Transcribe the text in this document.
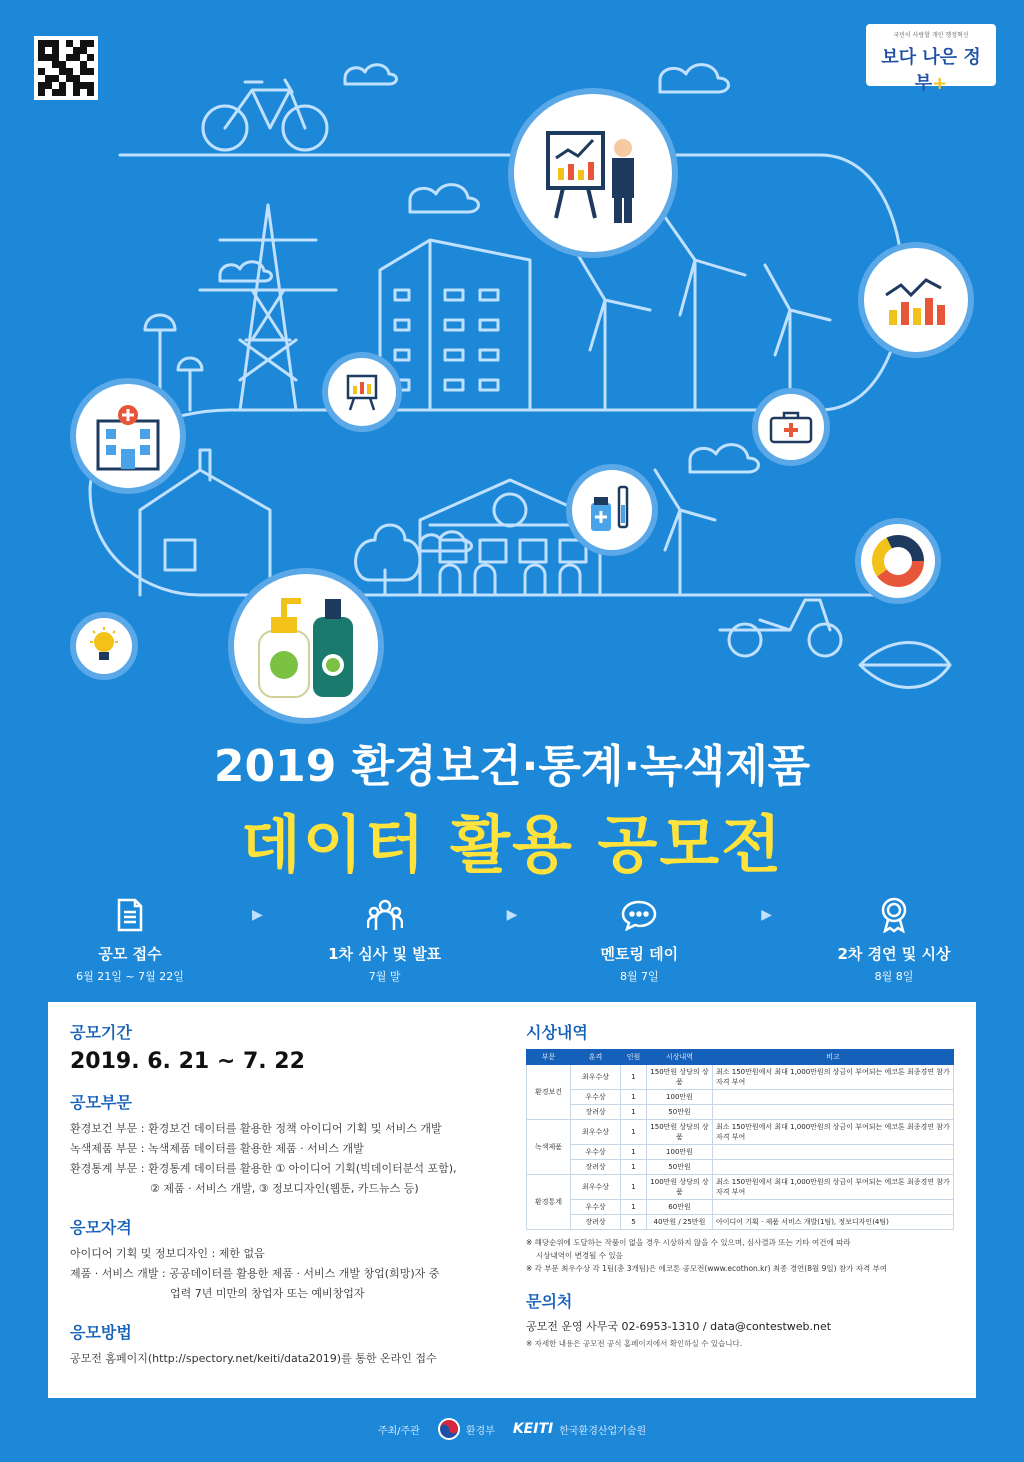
국민이 사랑할 개인 행정혁신
보다 나은 정부+
2019 환경보건·통계·녹색제품
데이터 활용 공모전
공모 접수
6월 21일 ~ 7월 22일
▶
1차 심사 및 발표
7월 말
▶
멘토링 데이
8월 7일
▶
2차 경연 및 시상
8월 8일
공모기간
2019. 6. 21 ~ 7. 22
공모부문
환경보건 부문 : 환경보건 데이터를 활용한 정책 아이디어 기획 및 서비스 개발
녹색제품 부문 : 녹색제품 데이터를 활용한 제품 · 서비스 개발
환경통계 부문 : 환경통계 데이터를 활용한 ① 아이디어 기획(빅데이터분석 포함),
② 제품 · 서비스 개발, ③ 정보디자인(웹툰, 카드뉴스 등)
응모자격
아이디어 기획 및 정보디자인 : 제한 없음
제품 · 서비스 개발 : 공공데이터를 활용한 제품 · 서비스 개발 창업(희망)자 중
업력 7년 미만의 창업자 또는 예비창업자
응모방법
공모전 홈페이지(http://spectory.net/keiti/data2019)를 통한 온라인 접수
시상내역
부문	훈격	인원	시상내역	비고
환경보건	최우수상	1	150만원 상당의 상품	최소 150만원에서 최대 1,000만원의 상금이 부여되는 에코톤 최종경연 참가 자격 부여
	우수상	1	100만원	
	장려상	1	50만원	
녹색제품	최우수상	1	150만원 상당의 상품	최소 150만원에서 최대 1,000만원의 상금이 부여되는 에코톤 최종경연 참가 자격 부여
	우수상	1	100만원	
	장려상	1	50만원	
환경통계	최우수상	1	100만원 상당의 상품	최소 150만원에서 최대 1,000만원의 상금이 부여되는 에코톤 최종경연 참가 자격 부여
	우수상	1	60만원	
	장려상	5	40만원 / 25만원	아이디어 기획 · 제품 서비스 개발(1팀), 정보디자인(4팀)
※ 해당순위에 도달하는 작품이 없을 경우 시상하지 않을 수 있으며, 심사결과 또는 기타 여건에 따라
시상내역이 변경될 수 있음
※ 각 부문 최우수상 각 1팀(총 3개팀)은 에코톤 공모전(www.ecothon.kr) 최종 경연(8월 9일) 참가 자격 부여
문의처
공모전 운영 사무국 02-6953-1310 / data@contestweb.net
※ 자세한 내용은 공모전 공식 홈페이지에서 확인하실 수 있습니다.
주최/주관	환경부 KEITI 한국환경산업기술원
